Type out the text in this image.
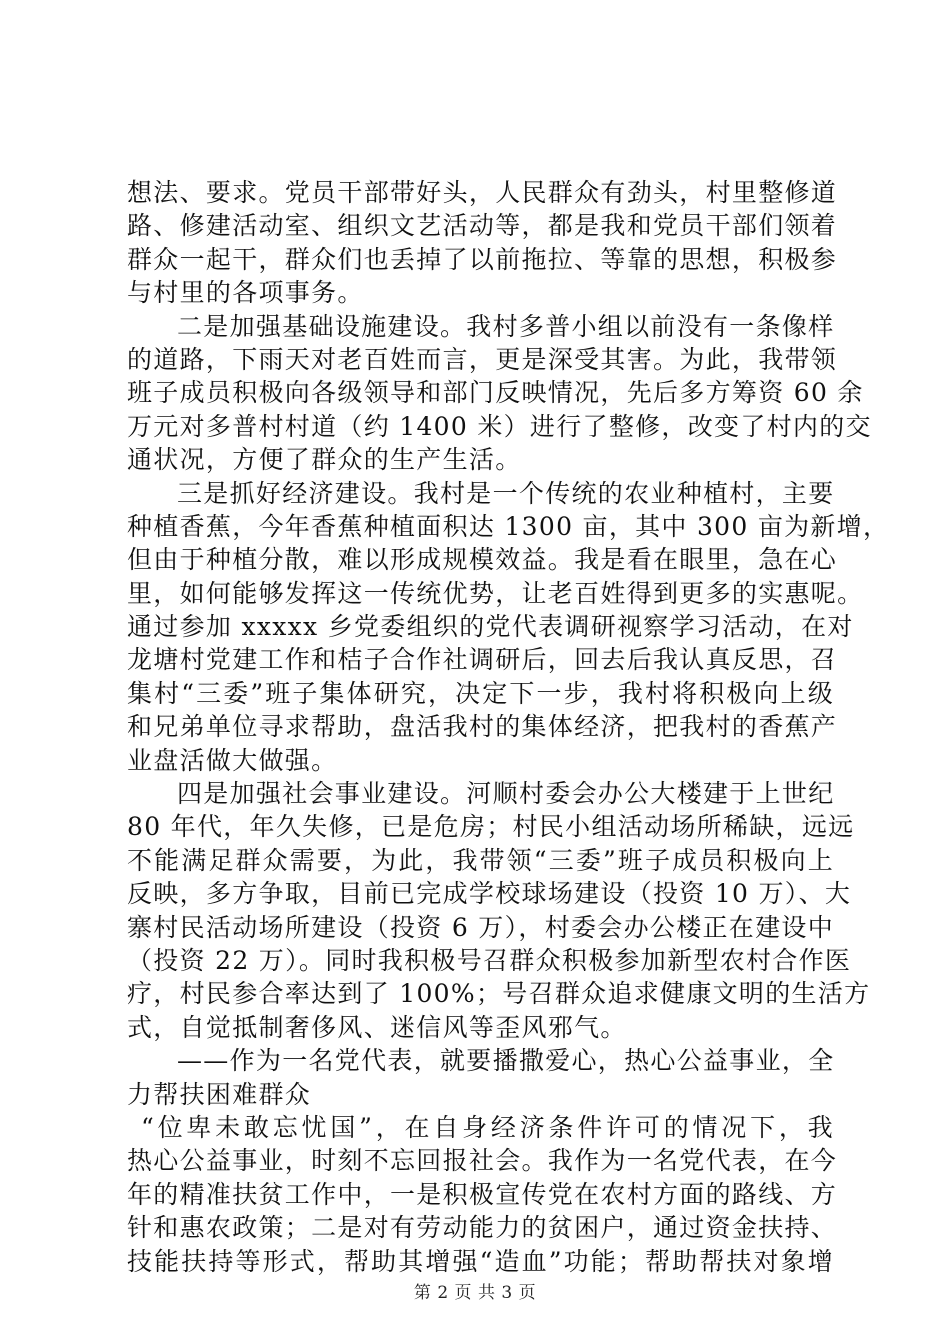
想法、要求。党员干部带好头，人民群众有劲头，村里整修道
路、修建活动室、组织文艺活动等，都是我和党员干部们领着
群众一起干，群众们也丢掉了以前拖拉、等靠的思想，积极参
与村里的各项事务。
二是加强基础设施建设。我村多普小组以前没有一条像样
的道路，下雨天对老百姓而言，更是深受其害。为此，我带领
班子成员积极向各级领导和部门反映情况，先后多方筹资 60 余
万元对多普村村道（约 1400 米）进行了整修，改变了村内的交
通状况，方便了群众的生产生活。
三是抓好经济建设。我村是一个传统的农业种植村，主要
种植香蕉，今年香蕉种植面积达 1300 亩，其中 300 亩为新增，
但由于种植分散，难以形成规模效益。我是看在眼里，急在心
里，如何能够发挥这一传统优势，让老百姓得到更多的实惠呢。
通过参加 xxxxx 乡党委组织的党代表调研视察学习活动，在对
龙塘村党建工作和桔子合作社调研后，回去后我认真反思，召
集村“三委”班子集体研究，决定下一步，我村将积极向上级
和兄弟单位寻求帮助，盘活我村的集体经济，把我村的香蕉产
业盘活做大做强。
四是加强社会事业建设。河顺村委会办公大楼建于上世纪
80 年代，年久失修，已是危房；村民小组活动场所稀缺，远远
不能满足群众需要，为此，我带领“三委”班子成员积极向上
反映，多方争取，目前已完成学校球场建设（投资 10 万）、大
寨村民活动场所建设（投资 6 万），村委会办公楼正在建设中
（投资 22 万）。同时我积极号召群众积极参加新型农村合作医
疗，村民参合率达到了 100%；号召群众追求健康文明的生活方
式，自觉抵制奢侈风、迷信风等歪风邪气。
——作为一名党代表，就要播撒爱心，热心公益事业，全
力帮扶困难群众
“位卑未敢忘忧国”，在自身经济条件许可的情况下，我
热心公益事业，时刻不忘回报社会。我作为一名党代表，在今
年的精准扶贫工作中，一是积极宣传党在农村方面的路线、方
针和惠农政策；二是对有劳动能力的贫困户，通过资金扶持、
技能扶持等形式，帮助其增强“造血”功能；帮助帮扶对象增
第 2 页 共 3 页
